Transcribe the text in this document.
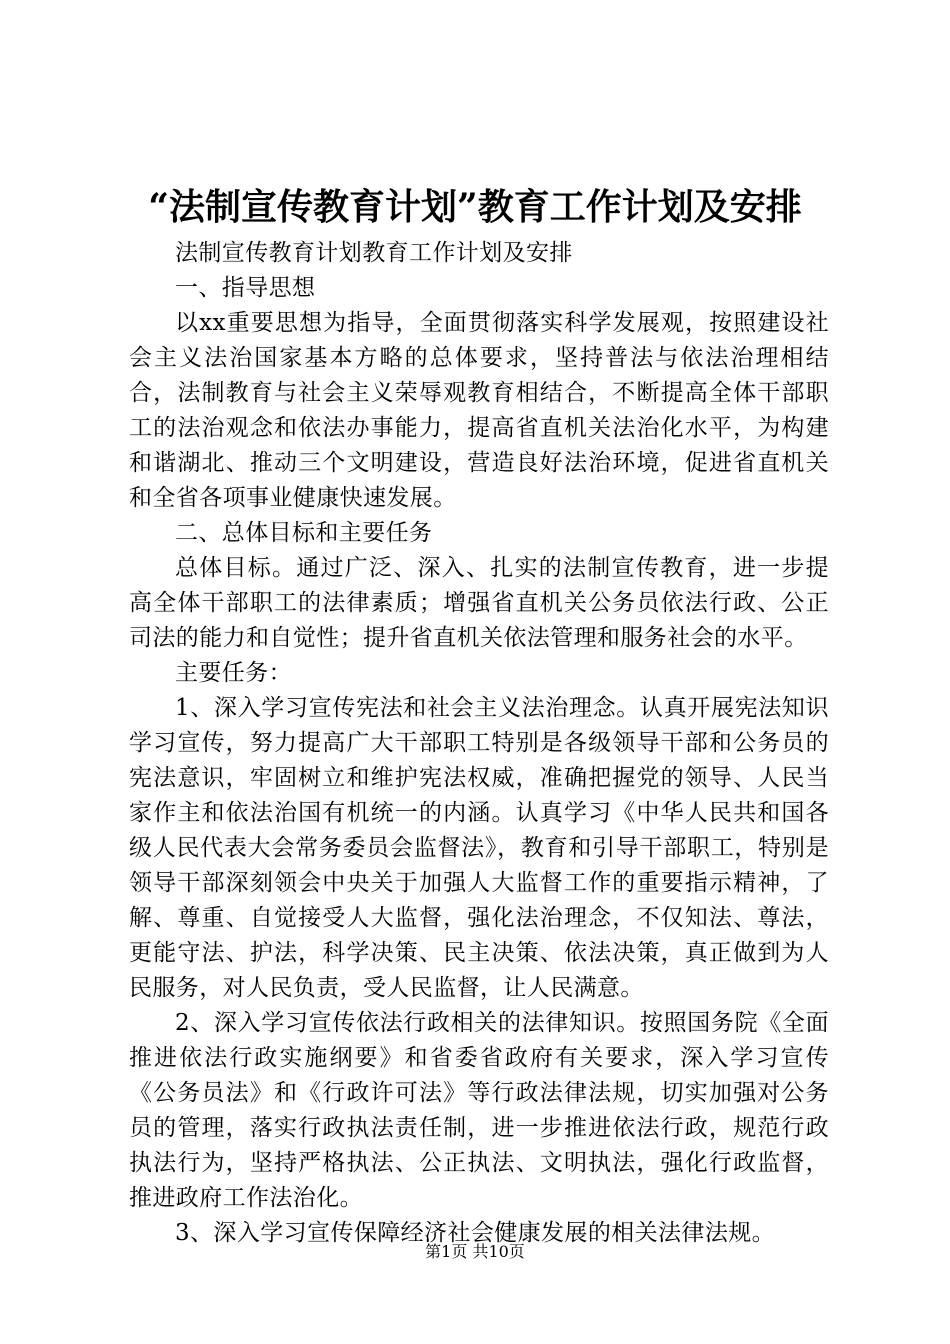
“法制宣传教育计划”教育工作计划及安排

法制宣传教育计划教育工作计划及安排

一、指导思想

以xx重要思想为指导，全面贯彻落实科学发展观，按照建设社会主义法治国家基本方略的总体要求，坚持普法与依法治理相结合，法制教育与社会主义荣辱观教育相结合，不断提高全体干部职工的法治观念和依法办事能力，提高省直机关法治化水平，为构建和谐湖北、推动三个文明建设，营造良好法治环境，促进省直机关和全省各项事业健康快速发展。

二、总体目标和主要任务

总体目标。通过广泛、深入、扎实的法制宣传教育，进一步提高全体干部职工的法律素质；增强省直机关公务员依法行政、公正司法的能力和自觉性；提升省直机关依法管理和服务社会的水平。

主要任务：

1、深入学习宣传宪法和社会主义法治理念。认真开展宪法知识学习宣传，努力提高广大干部职工特别是各级领导干部和公务员的宪法意识，牢固树立和维护宪法权威，准确把握党的领导、人民当家作主和依法治国有机统一的内涵。认真学习《中华人民共和国各级人民代表大会常务委员会监督法》，教育和引导干部职工，特别是领导干部深刻领会中央关于加强人大监督工作的重要指示精神，了解、尊重、自觉接受人大监督，强化法治理念，不仅知法、尊法，更能守法、护法，科学决策、民主决策、依法决策，真正做到为人民服务，对人民负责，受人民监督，让人民满意。

2、深入学习宣传依法行政相关的法律知识。按照国务院《全面推进依法行政实施纲要》和省委省政府有关要求，深入学习宣传《公务员法》和《行政许可法》等行政法律法规，切实加强对公务员的管理，落实行政执法责任制，进一步推进依法行政，规范行政执法行为，坚持严格执法、公正执法、文明执法，强化行政监督，推进政府工作法治化。

3、深入学习宣传保障经济社会健康发展的相关法律法规。

第1页 共10页
